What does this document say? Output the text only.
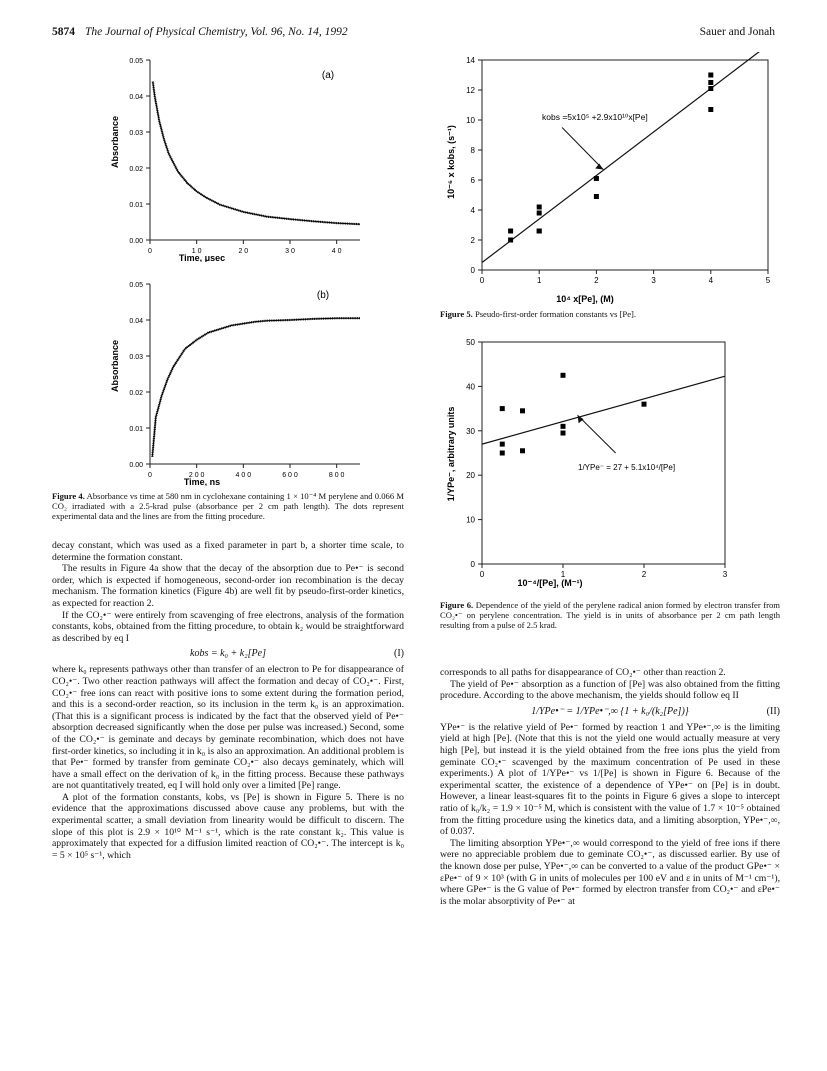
5874 The Journal of Physical Chemistry, Vol. 96, No. 14, 1992	Sauer and Jonah
0.00
0.01
0.02
0.03
0.04
0.05
0	1 0	2 0	3 0	4 0
Time, μsec
Absorbance
(a)
0.00
0.01
0.02
0.03
0.04
0.05
0	2 0 0	4 0 0	6 0 0	8 0 0
Time, ns
Absorbance
(b)
0
2
4
6
8
10
12
14
0	1	2	3	4	5
10⁴ x[Pe], (M)
10⁻⁶ x kobs, (s⁻¹)
kobs =5x10⁵ +2.9x10¹⁰x[Pe]
0
10
20
30
40
50
0	1	2	3
10⁻⁴/[Pe], (M⁻¹)
1/YPe⁻, arbitrary units	1/YPe⁻ = 27 + 5.1x10⁴/[Pe]
Figure 4. Absorbance vs time at 580 nm in cyclohexane containing 1 × 10⁻⁴ M perylene and 0.066 M CO₂ irradiated with a 2.5-krad pulse (absorbance per 2 cm path length). The dots represent experimental data and the lines are from the fitting procedure.
Figure 5. Pseudo-first-order formation constants vs [Pe].
Figure 6. Dependence of the yield of the perylene radical anion formed by electron transfer from CO₂•⁻ on perylene concentration. The yield is in units of absorbance per 2 cm path length resulting from a pulse of 2.5 krad.

decay constant, which was used as a fixed parameter in part b, a shorter time scale, to determine the formation constant.

The results in Figure 4a show that the decay of the absorption due to Pe•⁻ is second order, which is expected if homogeneous, second-order ion recombination is the decay mechanism. The formation kinetics (Figure 4b) are well fit by pseudo-first-order kinetics, as expected for reaction 2.

If the CO₂•⁻ were entirely from scavenging of free electrons, analysis of the formation constants, kobs, obtained from the fitting procedure, to obtain k₂ would be straightforward as described by eq I

kobs = k₀ + k₂[Pe]	(I)

where k₀ represents pathways other than transfer of an electron to Pe for disappearance of CO₂•⁻. Two other reaction pathways will affect the formation and decay of CO₂•⁻. First, CO₂•⁻ free ions can react with positive ions to some extent during the formation period, and this is a second-order reaction, so its inclusion in the term k₀ is an approximation. (That this is a significant process is indicated by the fact that the observed yield of Pe•⁻ absorption decreased significantly when the dose per pulse was increased.) Second, some of the CO₂•⁻ is geminate and decays by geminate recombination, which does not have first-order kinetics, so including it in k₀ is also an approximation. An additional problem is that Pe•⁻ formed by transfer from geminate CO₂•⁻ also decays geminately, which will have a small effect on the derivation of k₀ in the fitting process. Because these pathways are not quantitatively treated, eq I will hold only over a limited [Pe] range.

A plot of the formation constants, kobs, vs [Pe] is shown in Figure 5. There is no evidence that the approximations discussed above cause any problems, but with the experimental scatter, a small deviation from linearity would be difficult to discern. The slope of this plot is 2.9 × 10¹⁰ M⁻¹ s⁻¹, which is the rate constant k₂. This value is approximately that expected for a diffusion limited reaction of CO₂•⁻. The intercept is k₀ = 5 × 10⁵ s⁻¹, which

corresponds to all paths for disappearance of CO₂•⁻ other than reaction 2.

The yield of Pe•⁻ absorption as a function of [Pe] was also obtained from the fitting procedure. According to the above mechanism, the yields should follow eq II

1/YPe•⁻ = 1/YPe•⁻,∞ {1 + k₀/(k₂[Pe])}	(II)

YPe•⁻ is the relative yield of Pe•⁻ formed by reaction 1 and YPe•⁻,∞ is the limiting yield at high [Pe]. (Note that this is not the yield one would actually measure at very high [Pe], but instead it is the yield obtained from the free ions plus the yield from geminate CO₂•⁻ scavenged by the maximum concentration of Pe used in these experiments.) A plot of 1/YPe•⁻ vs 1/[Pe] is shown in Figure 6. Because of the experimental scatter, the existence of a dependence of YPe•⁻ on [Pe] is in doubt. However, a linear least-squares fit to the points in Figure 6 gives a slope to intercept ratio of k₀/k₂ = 1.9 × 10⁻⁵ M, which is consistent with the value of 1.7 × 10⁻⁵ obtained from the fitting procedure using the kinetics data, and a limiting absorption, YPe•⁻,∞, of 0.037.

The limiting absorption YPe•⁻,∞ would correspond to the yield of free ions if there were no appreciable problem due to geminate CO₂•⁻, as discussed earlier. By use of the known dose per pulse, YPe•⁻,∞ can be converted to a value of the product GPe•⁻ × εPe•⁻ of 9 × 10³ (with G in units of molecules per 100 eV and ε in units of M⁻¹ cm⁻¹), where GPe•⁻ is the G value of Pe•⁻ formed by electron transfer from CO₂•⁻ and εPe•⁻ is the molar absorptivity of Pe•⁻ at
